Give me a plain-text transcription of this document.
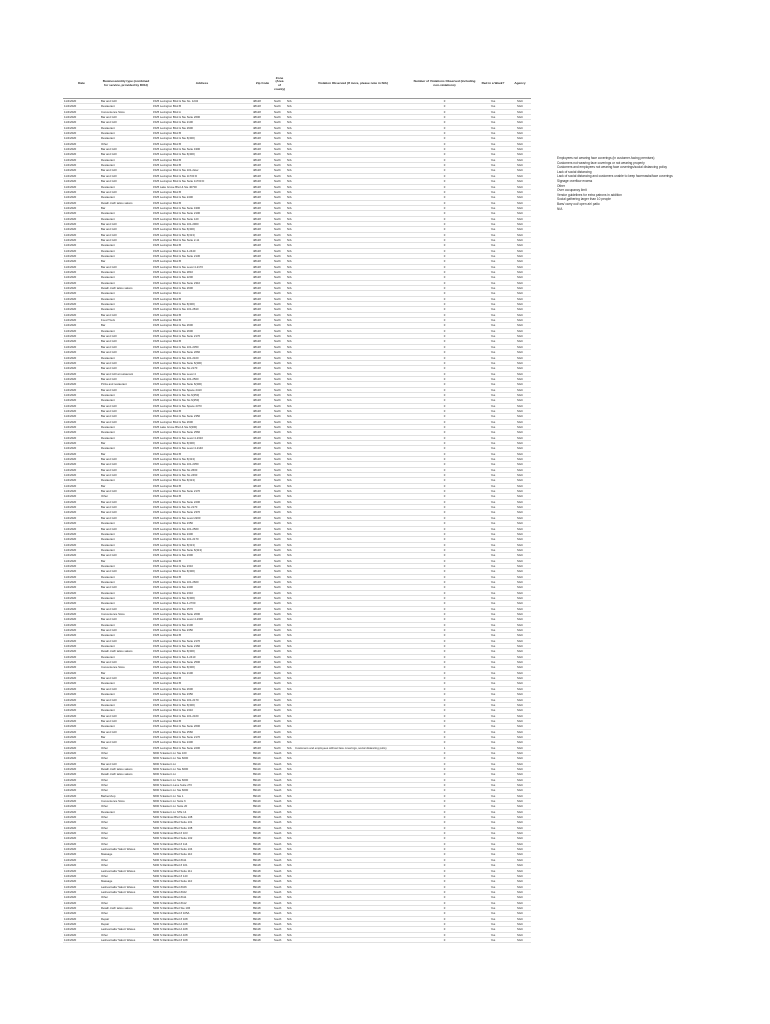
Date	Business/entity type (combined for service, provided by DOH)	Address	Zip Code	Zone (Area of county)		Violation Observed (If more, please note in N/A)	Number of Violations Observed (including non-violations)	Red in a Week?	Agency
11/4/2020	Bar and Grill	1525 Lexington Blvd & Ste No. 1234	48128	North	N/A		0	Yes	SGC
11/4/2020	Restaurant	1525 Lexington Blvd B	48128	North	N/A		0	Yes	SGC
11/4/2020	Convenience Store	1525 Lexington Blvd A	48128	North	N/A		0	Yes	SGC
11/4/2020	Bar and Grill	1525 Lexington Blvd & Ste Suite 2600	48128	North	N/A		0	Yes	SGC
11/4/2020	Bar and Grill	1525 Lexington Blvd & Ste 2100	48128	North	N/A		0	Yes	SGC
11/4/2020	Restaurant	1525 Lexington Blvd & Ste 2900	48128	North	N/A		0	Yes	SGC
11/4/2020	Restaurant	1525 Lexington Blvd B	48128	North	N/A		0	Yes	SGC
11/4/2020	Restaurant	1525 Lexington Blvd & Ste 6(300)	48128	North	N/A		0	Yes	SGC
11/4/2020	Other	1525 Lexington Blvd B	48128	North	N/A		0	Yes	SGC
11/4/2020	Bar and Grill	1525 Lexington Blvd & Ste Suite 4300	48128	North	N/A		0	Yes	SGC
11/4/2020	Bar and Grill	1525 Lexington Blvd & Ste 6(300)	48128	North	N/A		0	Yes	SGC
11/4/2020	Restaurant	1525 Lexington Blvd B	48128	North	N/A		0	Yes	SGC
11/4/2020	Restaurant	1525 Lexington Blvd B	48128	North	N/A		0	Yes	SGC
11/4/2020	Bar and Grill	1525 Lexington Blvd & Ste 101-2ster	48128	North	N/A		0	Yes	SGC
11/4/2020	Bar and Grill	1525 Lexington Blvd & Ste 11700 D	48128	North	N/A		0	Yes	SGC
11/4/2020	Bar and Grill	1525 Lexington Blvd & Ste Suite 11700 D	48128	North	N/A		0	Yes	SGC
11/4/2020	Restaurant	1525 Lake Grove Blvd & Ste 40700	48128	North	N/A		0	Yes	SGC
11/4/2020	Bar and Grill	1525 Lexington Blvd B	48128	North	N/A		0	Yes	SGC
11/4/2020	Restaurant	1525 Lexington Blvd & Ste 2400	48128	North	N/A		0	Yes	SGC
11/4/2020	Retail/ craft/ tattoo salons	1525 Lexington Blvd B	48128	North	N/A		0	Yes	SGC
11/4/2020	Bar	1525 Lexington Blvd & Ste Suite 4300	48128	North	N/A		0	Yes	SGC
11/4/2020	Restaurant	1525 Lexington Blvd & Ste Suite 2100	48128	North	N/A		0	Yes	SGC
11/4/2020	Restaurant	1525 Lexington Blvd & Ste Suite 120	48128	North	N/A		0	Yes	SGC
11/4/2020	Bar and Grill	1525 Lexington Blvd & Ste 101-2900	48128	North	N/A		0	Yes	SGC
11/4/2020	Bar and Grill	1525 Lexington Blvd & Ste 6(300)	48128	North	N/A		0	Yes	SGC
11/4/2020	Bar and Grill	1525 Lexington Blvd & Ste 6(313)	48128	North	N/A		0	Yes	SGC
11/4/2020	Bar and Grill	1525 Lexington Blvd & Ste Suite 2-11	48128	North	N/A		0	Yes	SGC
11/4/2020	Restaurant	1525 Lexington Blvd B	48128	North	N/A		0	Yes	SGC
11/4/2020	Restaurant	1525 Lexington Blvd & Ste 4-2440	48128	North	N/A		0	Yes	SGC
11/4/2020	Restaurant	1525 Lexington Blvd & Ste Suite 2130	48128	North	N/A		0	Yes	SGC
11/4/2020	Bar	1525 Lexington Blvd B	48128	North	N/A		0	Yes	SGC
11/4/2020	Bar and Grill	1525 Lexington Blvd & Ste Level 4-2170	48128	North	N/A		0	Yes	SGC
11/4/2020	Restaurant	1525 Lexington Blvd & Ste 2810	48128	North	N/A		0	Yes	SGC
11/4/2020	Restaurant	1525 Lexington Blvd & Ste 2200	48128	North	N/A		0	Yes	SGC
11/4/2020	Restaurant	1525 Lexington Blvd & Ste Suite 2310	48128	North	N/A		0	Yes	SGC
11/4/2020	Retail/ craft/ tattoo salons	1525 Lexington Blvd & Ste 2600	48128	North	N/A		0	Yes	SGC
11/4/2020	Restaurant	1525 Lexington Blvd A	48128	North	N/A		0	Yes	SGC
11/4/2020	Restaurant	1525 Lexington Blvd B	48128	North	N/A		0	Yes	SGC
11/4/2020	Restaurant	1525 Lexington Blvd & Ste 6(300)	48128	North	N/A		0	Yes	SGC
11/4/2020	Restaurant	1525 Lexington Blvd & Ste 101-2810	48128	North	N/A		0	Yes	SGC
11/4/2020	Bar and Grill	1525 Lexington Blvd B	48128	North	N/A		0	Yes	SGC
11/4/2020	Food Truck	1525 Lexington Blvd B	48128	North	N/A		0	Yes	SGC
11/4/2020	Bar	1525 Lexington Blvd & Ste 2600	48128	North	N/A		0	Yes	SGC
11/4/2020	Restaurant	1525 Lexington Blvd & Ste 2600	48128	North	N/A		0	Yes	SGC
11/4/2020	Bar and Grill	1525 Lexington Blvd & Ste Suite 2170	48128	North	N/A		0	Yes	SGC
11/4/2020	Bar and Grill	1525 Lexington Blvd B	48128	North	N/A		0	Yes	SGC
11/4/2020	Bar and Grill	1525 Lexington Blvd & Ste 101-2350	48128	North	N/A		0	Yes	SGC
11/4/2020	Bar and Grill	1525 Lexington Blvd & Ste Suite 2660	48128	North	N/A		0	Yes	SGC
11/4/2020	Restaurant	1525 Lexington Blvd & Ste 101-2100	48128	North	N/A		0	Yes	SGC
11/4/2020	Bar and Grill	1525 Lexington Blvd & Ste Suite 6(300)	48128	North	N/A		0	Yes	SGC
11/4/2020	Bar and Grill	1525 Lexington Blvd & Ste No 2170	48128	North	N/A		0	Yes	SGC
11/4/2020	Bar and Grill at restaurant	1525 Lexington Blvd & Ste Level 4	48128	North	N/A		0	Yes	SGC
11/4/2020	Bar and Grill	1525 Lexington Blvd & Ste 101-2500	48128	North	N/A		0	Yes	SGC
11/4/2020	Pizza and restaurant	1525 Lexington Blvd & Ste Suite 6(300)	48128	North	N/A		0	Yes	SGC
11/4/2020	Bar and Grill	1525 Lexington Blvd & Ste Space 2410	48128	North	N/A		0	Yes	SGC
11/4/2020	Restaurant	1525 Lexington Blvd & Ste No 6(250)	48128	North	N/A		0	Yes	SGC
11/4/2020	Restaurant	1525 Lexington Blvd & Ste No 6(250)	48128	North	N/A		0	Yes	SGC
11/4/2020	Bar and Grill	1525 Lexington Blvd & Ste Space 2370	48128	North	N/A		0	Yes	SGC
11/4/2020	Bar and Grill	1525 Lexington Blvd B	48128	North	N/A		0	Yes	SGC
11/4/2020	Bar and Grill	1525 Lexington Blvd & Ste Suite 2350	48128	North	N/A		0	Yes	SGC
11/4/2020	Bar and Grill	1525 Lexington Blvd & Ste 2600	48128	North	N/A		0	Yes	SGC
11/4/2020	Restaurant	1525 Lake Grove Blvd & Ste 6(300)	48128	North	N/A		0	Yes	SGC
11/4/2020	Restaurant	1525 Lexington Blvd & Ste Suite 2560	48128	North	N/A		0	Yes	SGC
11/4/2020	Restaurant	1525 Lexington Blvd & Ste Level 4-2310	48128	North	N/A		0	Yes	SGC
11/4/2020	Bar	1525 Lexington Blvd & Ste 6(300)	48128	North	N/A		0	Yes	SGC
11/4/2020	Restaurant	1525 Lexington Blvd & Ste Level 4-2140	48128	North	N/A		0	Yes	SGC
11/4/2020	Bar	1525 Lexington Blvd B	48128	North	N/A		0	Yes	SGC
11/4/2020	Bar and Grill	1525 Lexington Blvd & Ste 6(313)	48128	North	N/A		0	Yes	SGC
11/4/2020	Bar and Grill	1525 Lexington Blvd & Ste 101-2350	48128	North	N/A		0	Yes	SGC
11/4/2020	Bar and Grill	1525 Lexington Blvd & Ste No 2600	48128	North	N/A		0	Yes	SGC
11/4/2020	Bar and Grill	1525 Lexington Blvd & Ste No 2460	48128	North	N/A		0	Yes	SGC
11/4/2020	Restaurant	1525 Lexington Blvd & Ste 6(313)	48128	North	N/A		0	Yes	SGC
11/4/2020	Bar	1525 Lexington Blvd B	48128	North	N/A		0	Yes	SGC
11/4/2020	Bar and Grill	1525 Lexington Blvd & Ste Suite 2170	48128	North	N/A		0	Yes	SGC
11/4/2020	Other	1525 Lexington Blvd B	48128	North	N/A		0	Yes	SGC
11/4/2020	Bar and Grill	1525 Lexington Blvd & Ste Suite 2200	48128	North	N/A		0	Yes	SGC
11/4/2020	Bar and Grill	1525 Lexington Blvd & Ste No 2170	48128	North	N/A		0	Yes	SGC
11/4/2020	Bar and Grill	1525 Lexington Blvd & Ste Suite 2370	48128	North	N/A		0	Yes	SGC
11/4/2020	Bar and Grill	1525 Lexington Blvd & Ste Level 2200	48128	North	N/A		0	Yes	SGC
11/4/2020	Restaurant	1525 Lexington Blvd & Ste 2350	48128	North	N/A		0	Yes	SGC
11/4/2020	Bar and Grill	1525 Lexington Blvd & Ste 101-2560	48128	North	N/A		0	Yes	SGC
11/4/2020	Restaurant	1525 Lexington Blvd & Ste 2400	48128	North	N/A		0	Yes	SGC
11/4/2020	Restaurant	1525 Lexington Blvd & Ste 101-2170	48128	North	N/A		0	Yes	SGC
11/4/2020	Restaurant	1525 Lexington Blvd & Ste 6(313)	48128	North	N/A		0	Yes	SGC
11/4/2020	Restaurant	1525 Lexington Blvd & Ste Suite 6(313)	48128	North	N/A		0	Yes	SGC
11/4/2020	Bar and Grill	1525 Lexington Blvd & Ste 2300	48128	North	N/A		0	Yes	SGC
11/4/2020	Bar	1525 Lexington Blvd B	48128	North	N/A		0	Yes	SGC
11/4/2020	Restaurant	1525 Lexington Blvd & Ste 2310	48128	North	N/A		0	Yes	SGC
11/4/2020	Bar and Grill	1525 Lexington Blvd & Ste 6(300)	48128	North	N/A		0	Yes	SGC
11/4/2020	Restaurant	1525 Lexington Blvd B	48128	North	N/A		0	Yes	SGC
11/4/2020	Restaurant	1525 Lexington Blvd & Ste 101-2600	48128	North	N/A		0	Yes	SGC
11/4/2020	Bar and Grill	1525 Lexington Blvd & Ste 2400	48128	North	N/A		0	Yes	SGC
11/4/2020	Restaurant	1525 Lexington Blvd & Ste 2310	48128	North	N/A		0	Yes	SGC
11/4/2020	Restaurant	1525 Lexington Blvd & Ste 6(300)	48128	North	N/A		0	Yes	SGC
11/4/2020	Restaurant	1525 Lexington Blvd & Ste 4-2700	48128	North	N/A		0	Yes	SGC
11/4/2020	Bar and Grill	1525 Lexington Blvd & Ste 2570	48128	North	N/A		0	Yes	SGC
11/4/2020	Convenience Store	1525 Lexington Blvd & Ste Suite 2000	48128	North	N/A		0	Yes	SGC
11/4/2020	Bar and Grill	1525 Lexington Blvd & Ste Level 4-2300	48128	North	N/A		0	Yes	SGC
11/4/2020	Restaurant	1525 Lexington Blvd & Ste 2100	48128	North	N/A		0	Yes	SGC
11/4/2020	Bar and Grill	1525 Lexington Blvd & Ste 2350	48128	North	N/A		0	Yes	SGC
11/4/2020	Restaurant	1525 Lexington Blvd B	48128	North	N/A		0	Yes	SGC
11/4/2020	Bar and Grill	1525 Lexington Blvd & Ste Suite 2170	48128	North	N/A		0	Yes	SGC
11/4/2020	Restaurant	1525 Lexington Blvd & Ste Suite 2160	48128	North	N/A		0	Yes	SGC
11/4/2020	Retail/ craft/ tattoo salons	1525 Lexington Blvd & Ste 6(300)	48128	North	N/A		0	Yes	SGC
11/4/2020	Restaurant	1525 Lexington Blvd & Ste 4-2410	48128	North	N/A		0	Yes	SGC
11/4/2020	Bar and Grill	1525 Lexington Blvd & Ste Suite 2500	48128	North	N/A		0	Yes	SGC
11/4/2020	Convenience Store	1525 Lexington Blvd & Ste 6(300)	48128	North	N/A		0	Yes	SGC
11/4/2020	Bar	1525 Lexington Blvd & Ste 2100	48128	North	N/A		0	Yes	SGC
11/4/2020	Bar and Grill	1525 Lexington Blvd B	48128	North	N/A		0	Yes	SGC
11/4/2020	Restaurant	1525 Lexington Blvd B	48128	North	N/A		0	Yes	SGC
11/4/2020	Bar and Grill	1525 Lexington Blvd & Ste 2600	48128	North	N/A		0	Yes	SGC
11/4/2020	Restaurant	1525 Lexington Blvd & Ste 2350	48128	North	N/A		0	Yes	SGC
11/4/2020	Bar and Grill	1525 Lexington Blvd & Ste 101-2170	48128	North	N/A		0	Yes	SGC
11/4/2020	Restaurant	1525 Lexington Blvd & Ste 6(300)	48128	North	N/A		0	Yes	SGC
11/4/2020	Restaurant	1525 Lexington Blvd & Ste 2310	48128	North	N/A		0	Yes	SGC
11/4/2020	Bar and Grill	1525 Lexington Blvd & Ste 101-2160	48128	North	N/A		0	Yes	SGC
11/4/2020	Bar and Grill	1525 Lexington Blvd B	48128	North	N/A		0	Yes	SGC
11/4/2020	Restaurant	1525 Lexington Blvd & Ste Suite 2600	48128	North	N/A		0	Yes	SGC
11/4/2020	Bar and Grill	1525 Lexington Blvd & Ste 2560	48128	North	N/A		0	Yes	SGC
11/4/2020	Bar	1525 Lexington Blvd & Ste Suite 2170	48128	North	N/A		0	Yes	SGC
11/4/2020	Bar and Grill	1525 Lexington Blvd & Ste 2400	48128	North	N/A		0	Yes	SGC
11/4/2020	Other	1525 Lexington Blvd & Ste Suite 2200	48128	North	N/A	Customers and employees without face coverings, social distancing policy	1	Yes	SGC
11/4/2020	Other	6600 S Eastern Ln Ste 100	89119	South	N/A		0	Yes	SGC
11/4/2020	Other	6600 S Eastern Ln Ste 6000	89119	South	N/A		0	Yes	SGC
11/4/2020	Bar and Grill	6600 S Eastern Ln	89119	South	N/A		0	Yes	SGC
11/4/2020	Retail/ craft/ tattoo salons	6600 S Eastern Ln Ste 6000	89119	South	N/A		0	Yes	SGC
11/4/2020	Retail/ craft/ tattoo salons	6600 S Eastern Ln	89119	South	N/A		0	Yes	SGC
11/4/2020	Other	6600 S Eastern Ln Ste 6000	89119	South	N/A		0	Yes	SGC
11/4/2020	Other	6600 S Eastern Lane Suite 270	89119	South	N/A		0	Yes	SGC
11/4/2020	Other	6600 S Eastern Ln Ste 6000	89119	South	N/A		0	Yes	SGC
11/4/2020	Barbershop	6600 S Eastern Ln Ste 1	89119	South	N/A		0	Yes	SGC
11/4/2020	Convenience Store	6600 S Eastern Ln Suite 6	89119	South	N/A		0	Yes	SGC
11/4/2020	Other	6600 S Eastern Ln Suite 20	89119	South	N/A		0	Yes	SGC
11/4/2020	Restaurant	6600 S Eastern Ln STE 14	89119	South	N/A		0	Yes	SGC
11/4/2020	Other	5400 S Rainbow Blvd Suite 108	89118	South	N/A		0	Yes	SGC
11/4/2020	Other	5400 S Rainbow Blvd Suite 101	89118	South	N/A		0	Yes	SGC
11/4/2020	Other	5400 S Rainbow Blvd Suite 108	89118	South	N/A		0	Yes	SGC
11/4/2020	Other	5400 S Rainbow Blvd # 103	89118	South	N/A		0	Yes	SGC
11/4/2020	Other	5400 S Rainbow Blvd Suite 102	89118	South	N/A		0	Yes	SGC
11/4/2020	Other	5400 S Rainbow Blvd # 114	89118	South	N/A		0	Yes	SGC
11/4/2020	Lashes/nails/ Salon/ Waxes	5400 S Rainbow Blvd Suite 104	89118	South	N/A		0	Yes	SGC
11/4/2020	Massage	5400 S Rainbow Blvd Suite 110	89118	South	N/A		0	Yes	SGC
11/4/2020	Other	5400 S Rainbow Blvd #111	89118	South	N/A		0	Yes	SGC
11/4/2020	Other	5400 S Rainbow Blvd # 101	89118	South	N/A		0	Yes	SGC
11/4/2020	Lashes/nails/ Salon/ Waxes	5400 S Rainbow Blvd Suite 111	89118	South	N/A		0	Yes	SGC
11/4/2020	Other	5400 S Rainbow Blvd # 140	89118	South	N/A		0	Yes	SGC
11/4/2020	Massage	5400 S Rainbow Blvd Suite 110	89118	South	N/A		0	Yes	SGC
11/4/2020	Lashes/nails/ Salon/ Waxes	5400 S Rainbow Blvd #106	89118	South	N/A		0	Yes	SGC
11/4/2020	Lashes/nails/ Salon/ Waxes	5400 S Rainbow Blvd #102	89118	South	N/A		0	Yes	SGC
11/4/2020	Other	5400 S Rainbow Blvd #111	89118	South	N/A		0	Yes	SGC
11/4/2020	Other	5400 S Rainbow Blvd #112	89118	South	N/A		0	Yes	SGC
11/4/2020	Retail/ craft/ tattoo salons	5400 S Rainbow Blvd Ste 106	89118	South	N/A		0	Yes	SGC
11/4/2020	Other	5400 S Rainbow Blvd # 105A	89118	South	N/A		0	Yes	SGC
11/4/2020	Repair	5400 S Rainbow Blvd # 108	89118	South	N/A		0	Yes	SGC
11/4/2020	Repair	5400 S Rainbow Blvd A 108	89118	South	N/A		0	Yes	SGC
11/4/2020	Lashes/nails/ Salon/ Waxes	5400 S Rainbow Blvd A 108	89118	South	N/A		0	Yes	SGC
11/4/2020	Other	5400 S Rainbow Blvd A 108	89118	South	N/A		0	Yes	SGC
11/4/2020	Lashes/nails/ Salon/ Waxes	5400 S Rainbow Blvd # 108	89118	South	N/A		0	Yes	SGC
Employees not wearing face coverings (in customer-facing premises)
Customers not wearing face coverings or not wearing properly
Customers and employees not wearing face coverings/social distancing policy
Lack of social distancing
Lack of social distancing and customers unable to keep facemasks/face coverings
Signage overflow excess
Other
Over occupancy limit
Vendor guidelines for extra patrons in addition
Social gathering larger than 10 people
Bars/ carry out/ open air/ patio
N/A
